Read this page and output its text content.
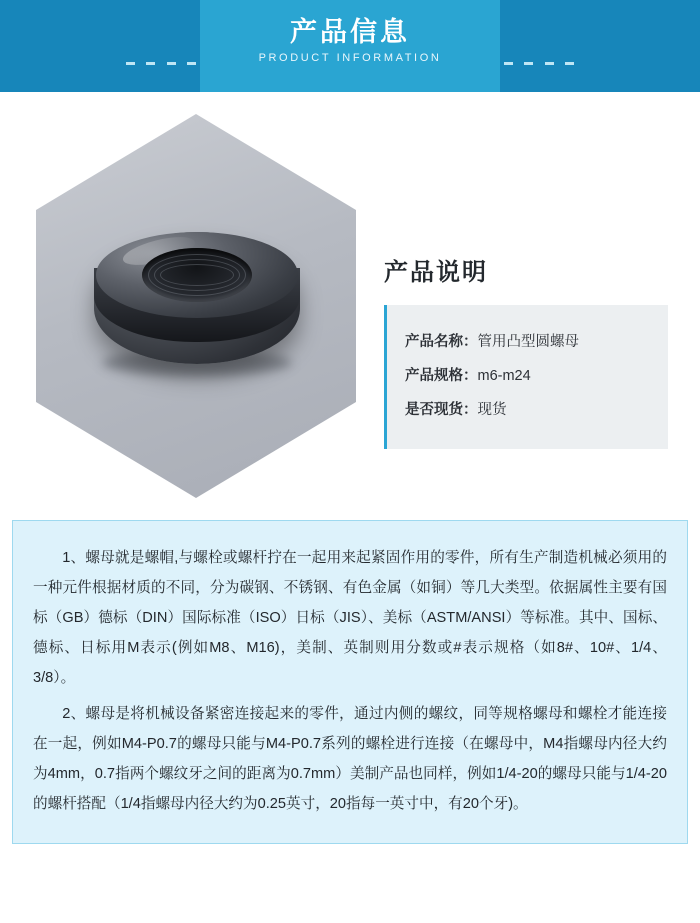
产品信息
PRODUCT INFORMATION
产品说明
产品名称：管用凸型圆螺母
产品规格：m6-m24
是否现货：现货

1、螺母就是螺帽,与螺栓或螺杆拧在一起用来起紧固作用的零件，所有生产制造机械必须用的一种元件根据材质的不同，分为碳钢、不锈钢、有色金属（如铜）等几大类型。依据属性主要有国标（GB）德标（DIN）国际标准（ISO）日标（JIS）、美标（ASTM/ANSI）等标准。其中、国标、德标、日标用M表示(例如M8、M16)，美制、英制则用分数或#表示规格（如8#、10#、1/4、3/8）。

2、螺母是将机械设备紧密连接起来的零件，通过内侧的螺纹，同等规格螺母和螺栓才能连接在一起，例如M4-P0.7的螺母只能与M4-P0.7系列的螺栓进行连接（在螺母中，M4指螺母内径大约为4mm，0.7指两个螺纹牙之间的距离为0.7mm）美制产品也同样，例如1/4-20的螺母只能与1/4-20的螺杆搭配（1/4指螺母内径大约为0.25英寸，20指每一英寸中，有20个牙)。
